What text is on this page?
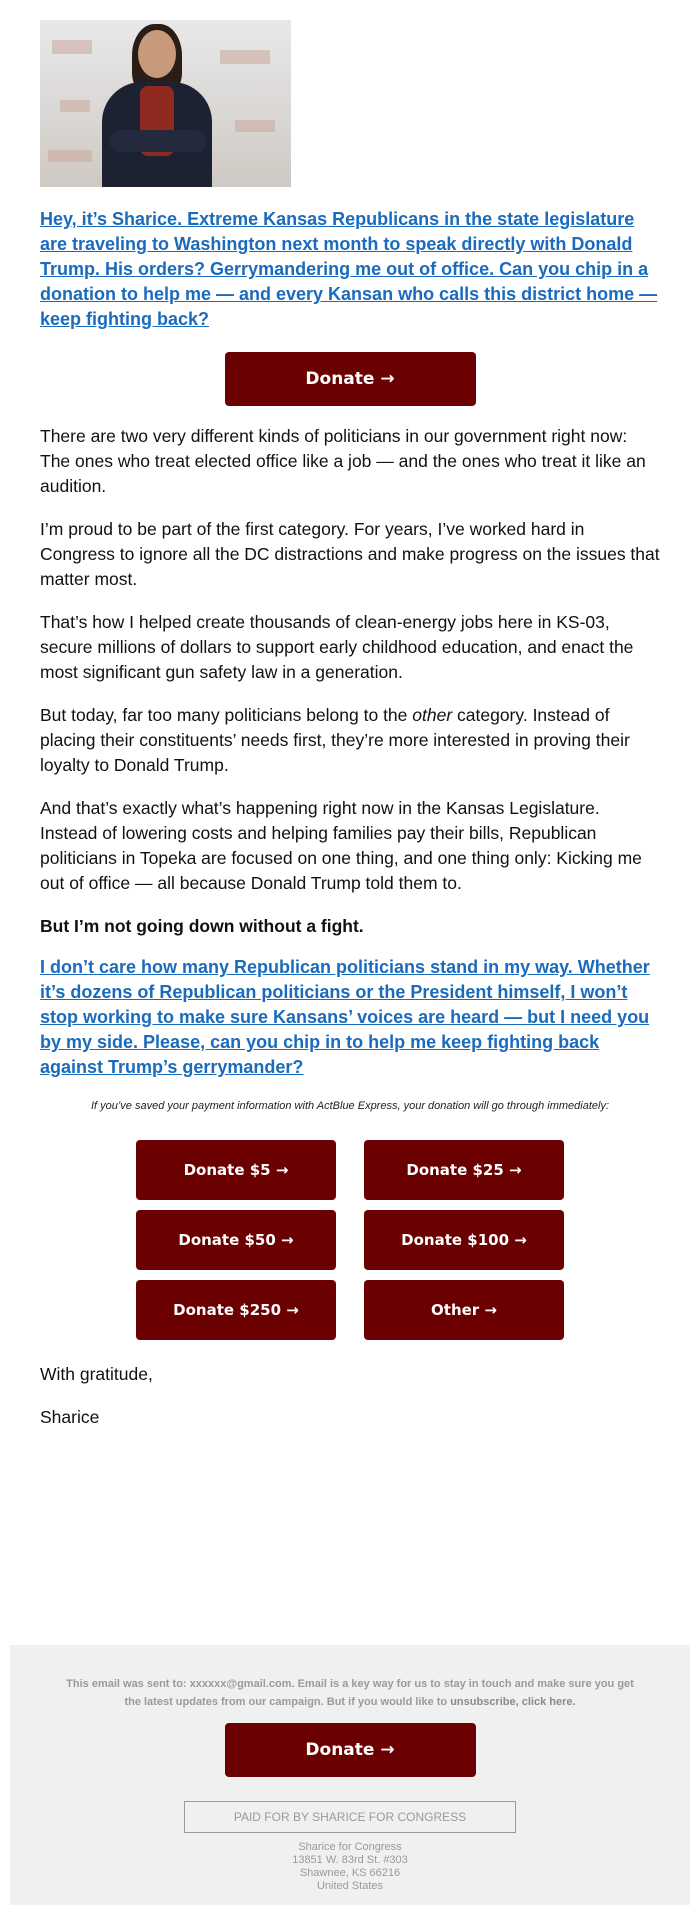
Hey, it’s Sharice. Extreme Kansas Republicans in the state legislature are traveling to Washington next month to speak directly with Donald Trump. His orders? Gerrymandering me out of office. Can you chip in a donation to help me — and every Kansan who calls this district home — keep fighting back?
Donate →

There are two very different kinds of politicians in our government right now: The ones who treat elected office like a job — and the ones who treat it like an audition.

I’m proud to be part of the first category. For years, I’ve worked hard in Congress to ignore all the DC distractions and make progress on the issues that matter most.

That’s how I helped create thousands of clean-energy jobs here in KS-03, secure millions of dollars to support early childhood education, and enact the most significant gun safety law in a generation.

But today, far too many politicians belong to the other category. Instead of placing their constituents’ needs first, they’re more interested in proving their loyalty to Donald Trump.

And that’s exactly what’s happening right now in the Kansas Legislature. Instead of lowering costs and helping families pay their bills, Republican politicians in Topeka are focused on one thing, and one thing only: Kicking me out of office — all because Donald Trump told them to.

But I’m not going down without a fight.

I don’t care how many Republican politicians stand in my way. Whether it’s dozens of Republican politicians or the President himself, I won’t stop working to make sure Kansans’ voices are heard — but I need you by my side. Please, can you chip in to help me keep fighting back against Trump’s gerrymander?
If you’ve saved your payment information with ActBlue Express, your donation will go through immediately:
Donate $5 →	Donate $25 →
Donate $50 →	Donate $100 →
Donate $250 →	Other →
With gratitude,
Sharice
This email was sent to: xxxxxx@gmail.com. Email is a key way for us to stay in touch and make sure you get the latest updates from our campaign. But if you would like to unsubscribe, click here.
Donate →
PAID FOR BY SHARICE FOR CONGRESS
Sharice for Congress
13851 W. 83rd St. #303
Shawnee, KS 66216
United States
